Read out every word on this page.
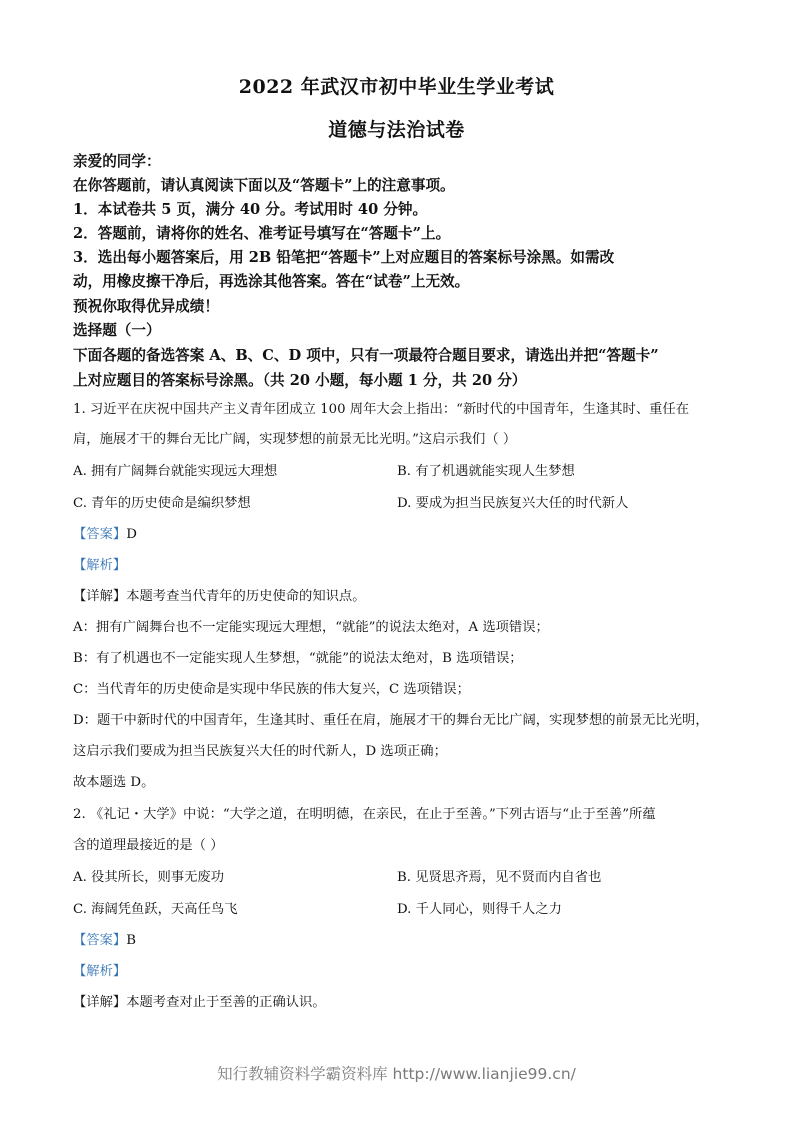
2022 年武汉市初中毕业生学业考试
道德与法治试卷
亲爱的同学：
在你答题前，请认真阅读下面以及“答题卡”上的注意事项。
1．本试卷共 5 页，满分 40 分。考试用时 40 分钟。
2．答题前，请将你的姓名、准考证号填写在“答题卡”上。
3．选出每小题答案后，用 2B 铅笔把“答题卡”上对应题目的答案标号涂黑。如需改
动，用橡皮擦干净后，再选涂其他答案。答在“试卷”上无效。
预祝你取得优异成绩！
选择题（一）
下面各题的备选答案 A、B、C、D 项中，只有一项最符合题目要求，请选出并把“答题卡”
上对应题目的答案标号涂黑。（共 20 小题，每小题 1 分，共 20 分）
1. 习近平在庆祝中国共产主义青年团成立 100 周年大会上指出：“新时代的中国青年，生逢其时、重任在
肩，施展才干的舞台无比广阔，实现梦想的前景无比光明。”这启示我们（ ）
A. 拥有广阔舞台就能实现远大理想	B. 有了机遇就能实现人生梦想
C. 青年的历史使命是编织梦想	D. 要成为担当民族复兴大任的时代新人
【答案】D
【解析】
【详解】本题考查当代青年的历史使命的知识点。
A：拥有广阔舞台也不一定能实现远大理想，“就能”的说法太绝对，A 选项错误；
B：有了机遇也不一定能实现人生梦想，“就能”的说法太绝对，B 选项错误；
C：当代青年的历史使命是实现中华民族的伟大复兴，C 选项错误；
D：题干中新时代的中国青年，生逢其时、重任在肩，施展才干的舞台无比广阔，实现梦想的前景无比光明，
这启示我们要成为担当民族复兴大任的时代新人，D 选项正确；
故本题选 D。
2. 《礼记・大学》中说：“大学之道，在明明德，在亲民，在止于至善。”下列古语与“止于至善”所蕴
含的道理最接近的是（ ）
A. 役其所长，则事无废功	B. 见贤思齐焉，见不贤而内自省也
C. 海阔凭鱼跃，天高任鸟飞	D. 千人同心，则得千人之力
【答案】B
【解析】
【详解】本题考查对止于至善的正确认识。
知行教辅资料学霸资料库 http://www.lianjie99.cn/
